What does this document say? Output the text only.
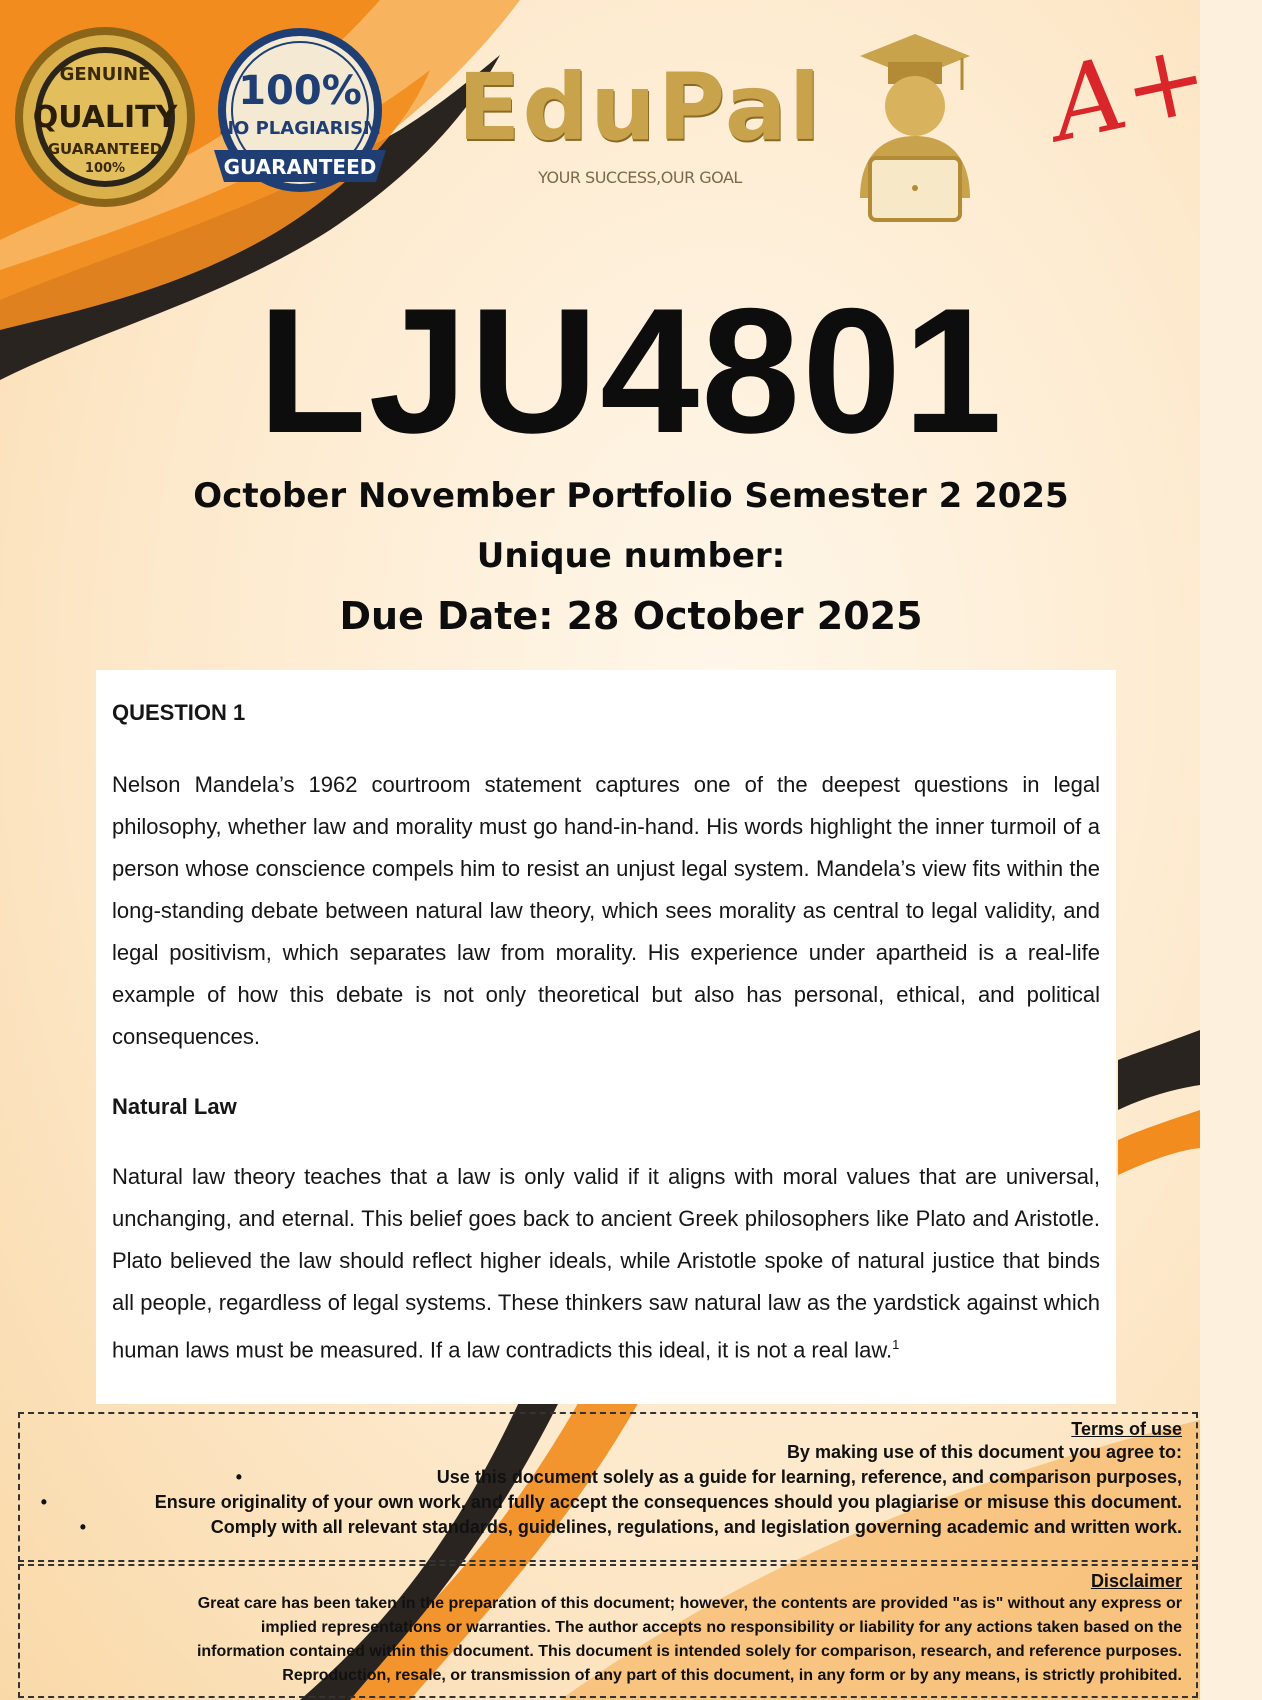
GENUINE
QUALITY
GUARANTEED
100%
100%
NO PLAGIARISM
GUARANTEED
EduPal
YOUR SUCCESS,OUR GOAL
A+
LJU4801
October November Portfolio Semester 2 2025
Unique number:
Due Date: 28 October 2025

QUESTION 1

Nelson Mandela’s 1962 courtroom statement captures one of the deepest questions in legal philosophy, whether law and morality must go hand-in-hand. His words highlight the inner turmoil of a person whose conscience compels him to resist an unjust legal system. Mandela’s view fits within the long-standing debate between natural law theory, which sees morality as central to legal validity, and legal positivism, which separates law from morality. His experience under apartheid is a real-life example of how this debate is not only theoretical but also has personal, ethical, and political consequences.

Natural Law

Natural law theory teaches that a law is only valid if it aligns with moral values that are universal, unchanging, and eternal. This belief goes back to ancient Greek philosophers like Plato and Aristotle. Plato believed the law should reflect higher ideals, while Aristotle spoke of natural justice that binds all people, regardless of legal systems. These thinkers saw natural law as the yardstick against which human laws must be measured. If a law contradicts this ideal, it is not a real law.$^1$

Terms of use
By making use of this document you agree to:
• Use this document solely as a guide for learning, reference, and comparison purposes,
• Ensure originality of your own work, and fully accept the consequences should you plagiarise or misuse this document.
• Comply with all relevant standards, guidelines, regulations, and legislation governing academic and written work.
Disclaimer
Great care has been taken in the preparation of this document; however, the contents are provided "as is" without any express or
implied representations or warranties. The author accepts no responsibility or liability for any actions taken based on the
information contained within this document. This document is intended solely for comparison, research, and reference purposes.
Reproduction, resale, or transmission of any part of this document, in any form or by any means, is strictly prohibited.
